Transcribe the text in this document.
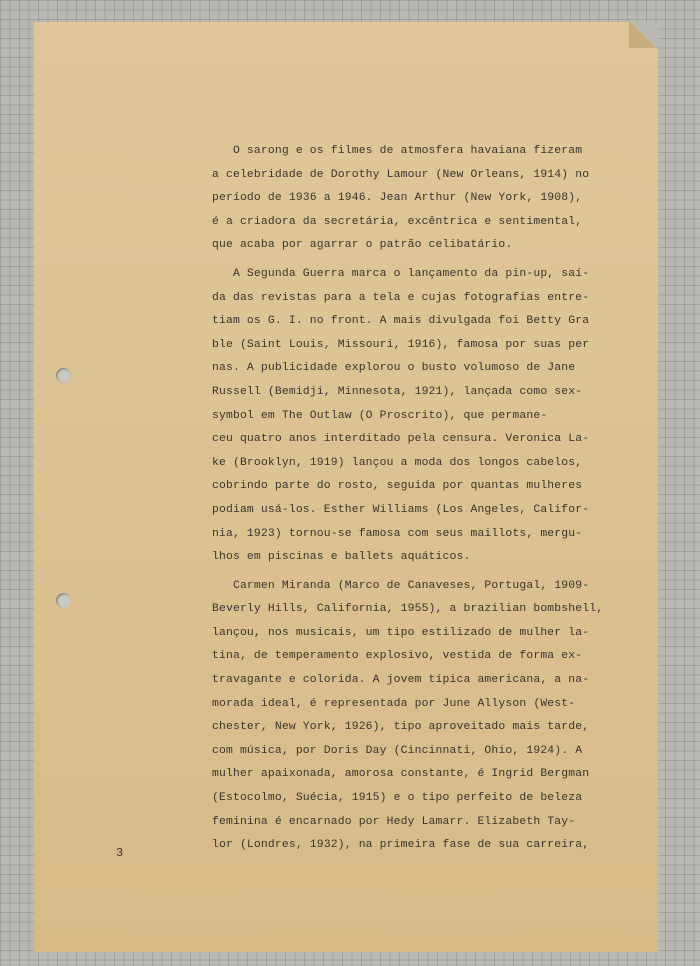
O sarong e os filmes de atmosfera havaiana fizeram
a celebridade de Dorothy Lamour (New Orleans, 1914) no
período de 1936 a 1946. Jean Arthur (New York, 1908),
é a criadora da secretária, excêntrica e sentimental,
que acaba por agarrar o patrão celibatário.
A Segunda Guerra marca o lançamento da pin-up, saí-
da das revistas para a tela e cujas fotografias entre-
tiam os G. I. no front. A mais divulgada foi Betty Gra
ble (Saint Louis, Missouri, 1916), famosa por suas per
nas. A publicidade explorou o busto volumoso de Jane
Russell (Bemidji, Minnesota, 1921), lançada como sex-
symbol em The Outlaw (O Proscrito), que permane-
ceu quatro anos interditado pela censura. Veronica La-
ke (Brooklyn, 1919) lançou a moda dos longos cabelos,
cobrindo parte do rosto, seguida por quantas mulheres
podiam usá-los. Esther Williams (Los Angeles, Califor-
nia, 1923) tornou-se famosa com seus maillots, mergu-
lhos em piscinas e ballets aquáticos.
Carmen Miranda (Marco de Canaveses, Portugal, 1909-
Beverly Hills, California, 1955), a brazilian bombshell,
lançou, nos musicais, um tipo estilizado de mulher la-
tina, de temperamento explosivo, vestida de forma ex-
travagante e colorida. A jovem típica americana, a na-
morada ideal, é representada por June Allyson (West-
chester, New York, 1926), tipo aproveitado mais tarde,
com música, por Doris Day (Cincinnati, Ohio, 1924). A
mulher apaixonada, amorosa constante, é Ingrid Bergman
(Estocolmo, Suécia, 1915) e o tipo perfeito de beleza
feminina é encarnado por Hedy Lamarr. Elizabeth Tay-
lor (Londres, 1932), na primeira fase de sua carreira,
3
